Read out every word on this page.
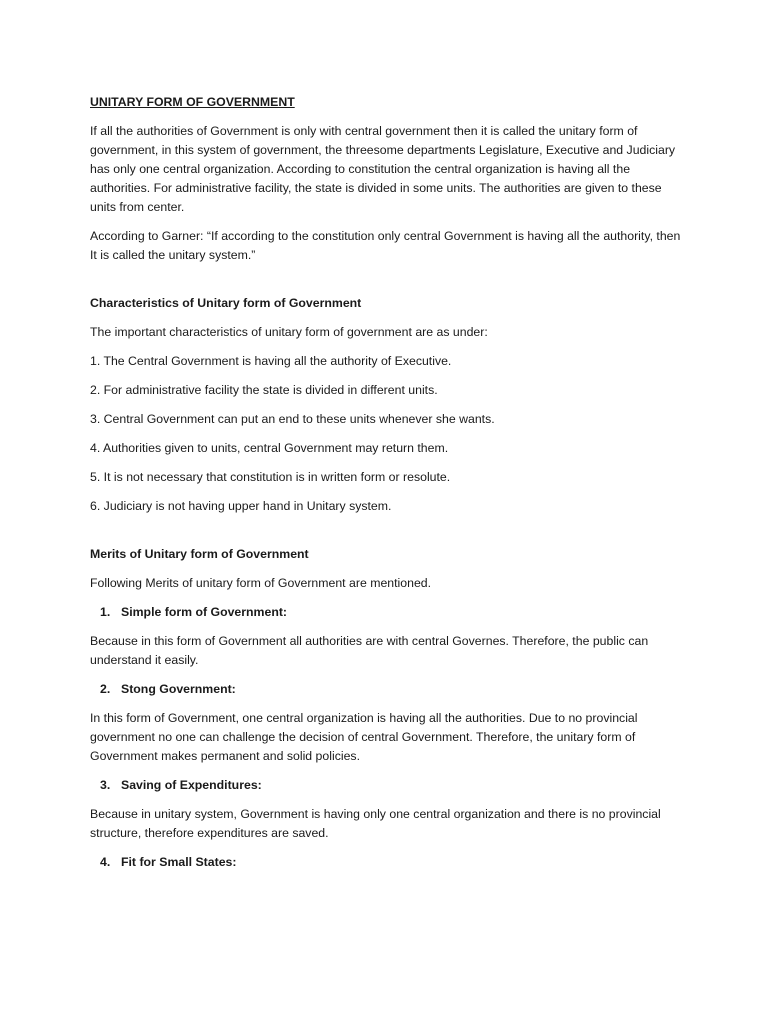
UNITARY FORM OF GOVERNMENT

If all the authorities of Government is only with central government then it is called the unitary form of government, in this system of government, the threesome departments Legislature, Executive and Judiciary has only one central organization. According to constitution the central organization is having all the authorities. For administrative facility, the state is divided in some units. The authorities are given to these units from center.

According to Garner: “If according to the constitution only central Government is having all the authority, then It is called the unitary system.”

Characteristics of Unitary form of Government

The important characteristics of unitary form of government are as under:

1. The Central Government is having all the authority of Executive.

2. For administrative facility the state is divided in different units.

3. Central Government can put an end to these units whenever she wants.

4. Authorities given to units, central Government may return them.

5. It is not necessary that constitution is in written form or resolute.

6. Judiciary is not having upper hand in Unitary system.

Merits of Unitary form of Government

Following Merits of unitary form of Government are mentioned.

1. Simple form of Government:

Because in this form of Government all authorities are with central Governes. Therefore, the public can understand it easily.

2. Stong Government:

In this form of Government, one central organization is having all the authorities. Due to no provincial government no one can challenge the decision of central Government. Therefore, the unitary form of Government makes permanent and solid policies.

3. Saving of Expenditures:

Because in unitary system, Government is having only one central organization and there is no provincial structure, therefore expenditures are saved.

4. Fit for Small States:
